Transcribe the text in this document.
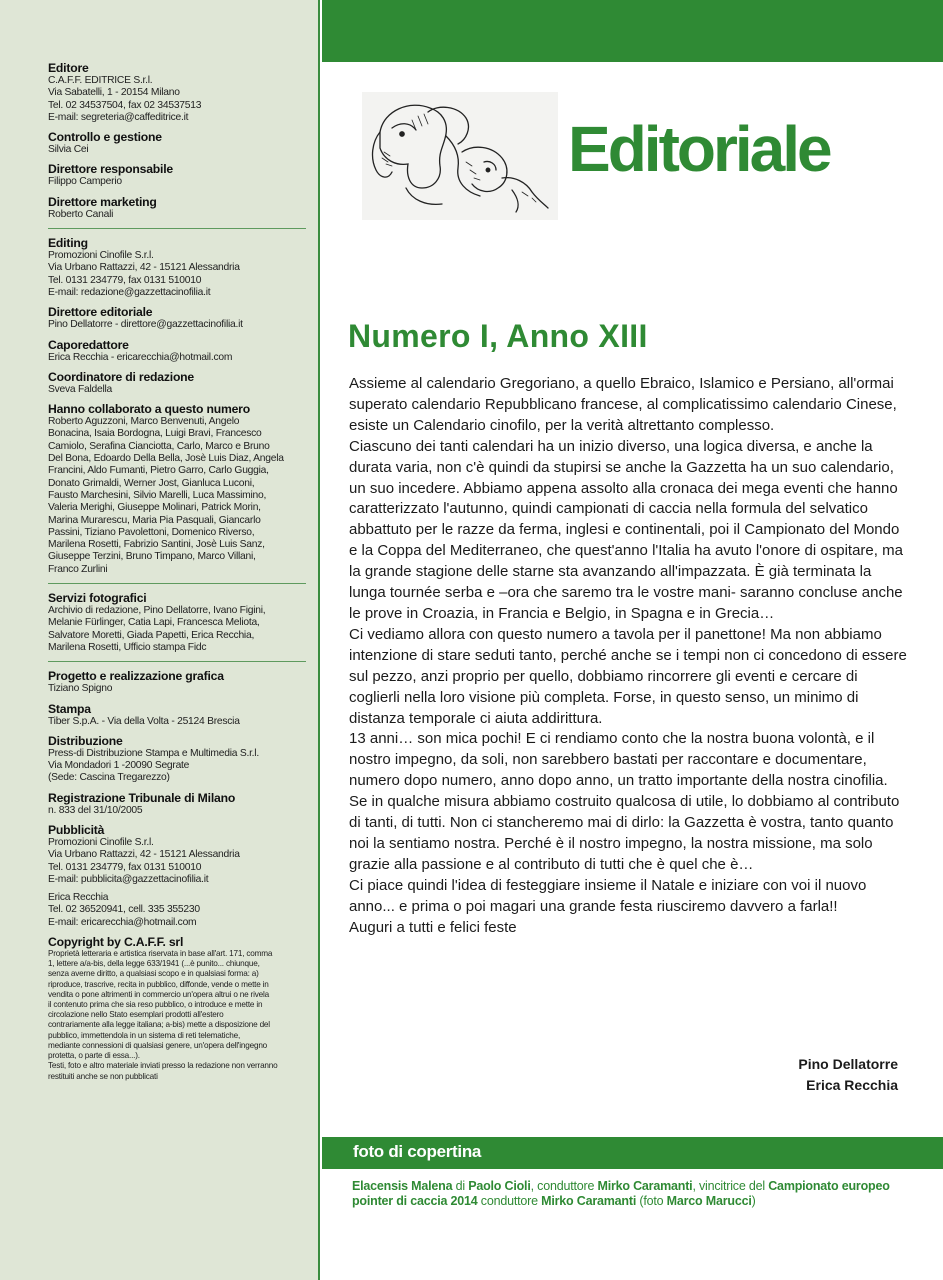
Editore
C.A.F.F. EDITRICE S.r.l.
Via Sabatelli, 1 - 20154 Milano
Tel. 02 34537504, fax 02 34537513
E-mail: segreteria@caffeditrice.it
Controllo e gestione
Silvia Cei
Direttore responsabile
Filippo Camperio
Direttore marketing
Roberto Canali
Editing
Promozioni Cinofile S.r.l.
Via Urbano Rattazzi, 42 - 15121 Alessandria
Tel. 0131 234779, fax 0131 510010
E-mail: redazione@gazzettacinofilia.it
Direttore editoriale
Pino Dellatorre - direttore@gazzettacinofilia.it
Caporedattore
Erica Recchia - ericarecchia@hotmail.com
Coordinatore di redazione
Sveva Faldella
Hanno collaborato a questo numero
Roberto Aguzzoni, Marco Benvenuti, Angelo
Bonacina, Isaia Bordogna, Luigi Bravi, Francesco
Camiolo, Serafina Cianciotta, Carlo, Marco e Bruno
Del Bona, Edoardo Della Bella, Josè Luis Diaz, Angela
Francini, Aldo Fumanti, Pietro Garro, Carlo Guggia,
Donato Grimaldi, Werner Jost, Gianluca Luconi,
Fausto Marchesini, Silvio Marelli, Luca Massimino,
Valeria Merighi, Giuseppe Molinari, Patrick Morin,
Marina Murarescu, Maria Pia Pasquali, Giancarlo
Passini, Tiziano Pavolettoni, Domenico Riverso,
Marilena Rosetti, Fabrizio Santini, Josè Luis Sanz,
Giuseppe Terzini, Bruno Timpano, Marco Villani,
Franco Zurlini
Servizi fotografici
Archivio di redazione, Pino Dellatorre, Ivano Figini,
Melanie Fürlinger, Catia Lapi, Francesca Meliota,
Salvatore Moretti, Giada Papetti, Erica Recchia,
Marilena Rosetti, Ufficio stampa Fidc
Progetto e realizzazione grafica
Tiziano Spigno
Stampa
Tiber S.p.A. - Via della Volta - 25124 Brescia
Distribuzione
Press-di Distribuzione Stampa e Multimedia S.r.l.
Via Mondadori 1 -20090 Segrate
(Sede: Cascina Tregarezzo)
Registrazione Tribunale di Milano
n. 833 del 31/10/2005
Pubblicità
Promozioni Cinofile S.r.l.
Via Urbano Rattazzi, 42 - 15121 Alessandria
Tel. 0131 234779, fax 0131 510010
E-mail: pubblicita@gazzettacinofilia.it
Erica Recchia
Tel. 02 36520941, cell. 335 355230
E-mail: ericarecchia@hotmail.com
Copyright by C.A.F.F. srl
Proprietà letteraria e artistica riservata in base all'art. 171, comma
1, lettere a/a-bis, della legge 633/1941 (...è punito... chiunque,
senza averne diritto, a qualsiasi scopo e in qualsiasi forma: a)
riproduce, trascrive, recita in pubblico, diffonde, vende o mette in
vendita o pone altrimenti in commercio un'opera altrui o ne rivela
il contenuto prima che sia reso pubblico, o introduce e mette in
circolazione nello Stato esemplari prodotti all'estero
contrariamente alla legge italiana; a-bis) mette a disposizione del
pubblico, immettendola in un sistema di reti telematiche,
mediante connessioni di qualsiasi genere, un'opera dell'ingegno
protetta, o parte di essa...).
Testi, foto e altro materiale inviati presso la redazione non verranno
restituiti anche se non pubblicati
Editoriale
Numero I, Anno XIII

Assieme al calendario Gregoriano, a quello Ebraico, Islamico e Persiano, all'ormai superato calendario Repubblicano francese, al complicatissimo calendario Cinese, esiste un Calendario cinofilo, per la verità altrettanto complesso.

Ciascuno dei tanti calendari ha un inizio diverso, una logica diversa, e anche la durata varia, non c'è quindi da stupirsi se anche la Gazzetta ha un suo calendario, un suo incedere. Abbiamo appena assolto alla cronaca dei mega eventi che hanno caratterizzato l'autunno, quindi campionati di caccia nella formula del selvatico abbattuto per le razze da ferma, inglesi e continentali, poi il Campionato del Mondo e la Coppa del Mediterraneo, che quest'anno l'Italia ha avuto l'onore di ospitare, ma la grande stagione delle starne sta avanzando all'impazzata. È già terminata la lunga tournée serba e –ora che saremo tra le vostre mani- saranno concluse anche le prove in Croazia, in Francia e Belgio, in Spagna e in Grecia…

Ci vediamo allora con questo numero a tavola per il panettone! Ma non abbiamo intenzione di stare seduti tanto, perché anche se i tempi non ci concedono di essere sul pezzo, anzi proprio per quello, dobbiamo rincorrere gli eventi e cercare di coglierli nella loro visione più completa. Forse, in questo senso, un minimo di distanza temporale ci aiuta addirittura.

13 anni… son mica pochi! E ci rendiamo conto che la nostra buona volontà, e il nostro impegno, da soli, non sarebbero bastati per raccontare e documentare, numero dopo numero, anno dopo anno, un tratto importante della nostra cinofilia. Se in qualche misura abbiamo costruito qualcosa di utile, lo dobbiamo al contributo di tanti, di tutti. Non ci stancheremo mai di dirlo: la Gazzetta è vostra, tanto quanto noi la sentiamo nostra. Perché è il nostro impegno, la nostra missione, ma solo grazie alla passione e al contributo di tutti che è quel che è…

Ci piace quindi l'idea di festeggiare insieme il Natale e iniziare con voi il nuovo anno... e prima o poi magari una grande festa riusciremo davvero a farla!!

Auguri a tutti e felici feste

Pino Dellatorre
Erica Recchia
foto di copertina
Elacensis Malena di Paolo Cioli, conduttore Mirko Caramanti, vincitrice del Campionato europeo pointer di caccia 2014 conduttore Mirko Caramanti (foto Marco Marucci)
